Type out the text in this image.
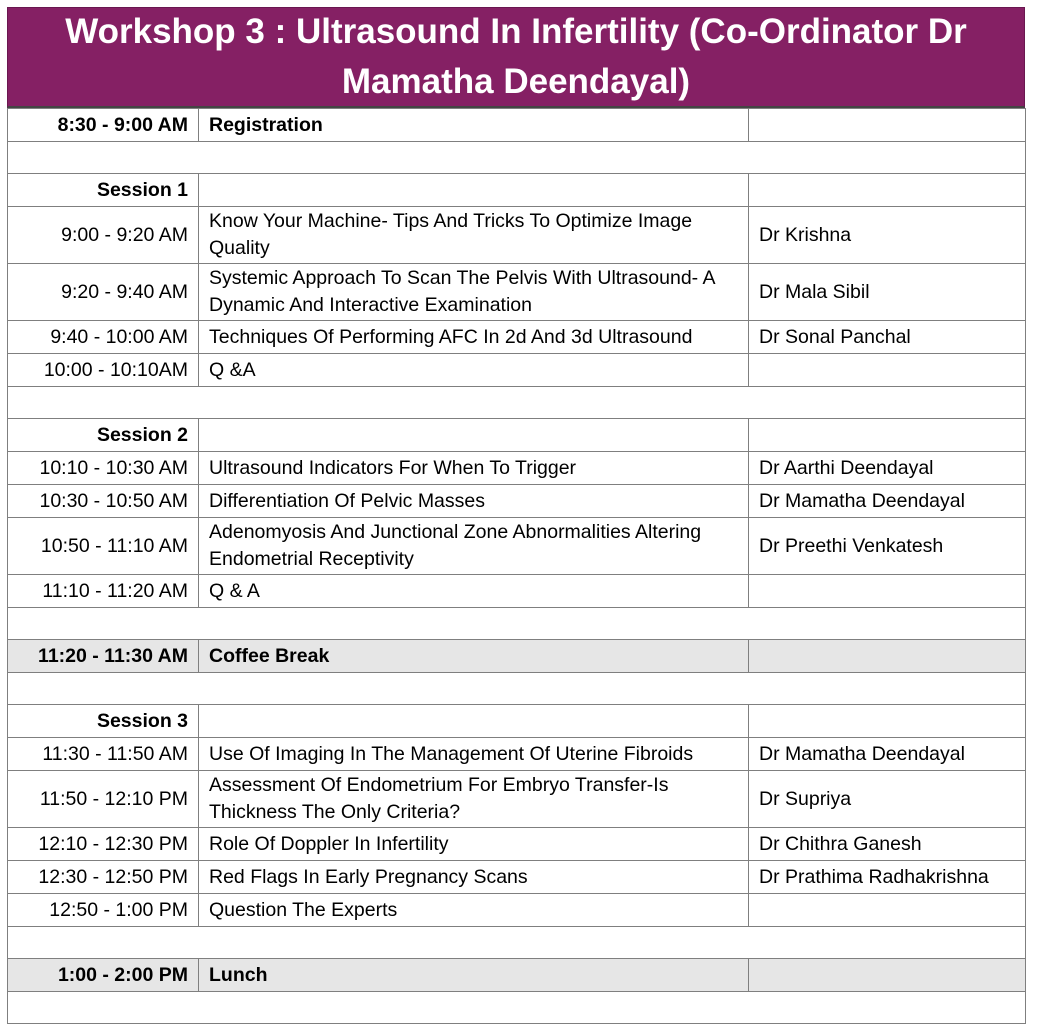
Workshop 3 : Ultrasound In Infertility (Co-Ordinator Dr Mamatha Deendayal)
8:30 - 9:00 AM	Registration	

Session 1		
9:00 - 9:20 AM	Know Your Machine- Tips And Tricks To Optimize Image Quality	Dr Krishna
9:20 - 9:40 AM	Systemic Approach To Scan The Pelvis With Ultrasound- A Dynamic And Interactive Examination	Dr Mala Sibil
9:40 - 10:00 AM	Techniques Of Performing AFC In 2d And 3d Ultrasound	Dr Sonal Panchal
10:00 - 10:10AM	Q &A	

Session 2		
10:10 - 10:30 AM	Ultrasound Indicators For When To Trigger	Dr Aarthi Deendayal
10:30 - 10:50 AM	Differentiation Of Pelvic Masses	Dr Mamatha Deendayal
10:50 - 11:10 AM	Adenomyosis And Junctional Zone Abnormalities Altering Endometrial Receptivity	Dr Preethi Venkatesh
11:10 - 11:20 AM	Q & A	

11:20 - 11:30 AM	Coffee Break	

Session 3		
11:30 - 11:50 AM	Use Of Imaging In The Management Of Uterine Fibroids	Dr Mamatha Deendayal
11:50 - 12:10 PM	Assessment Of Endometrium For Embryo Transfer-Is Thickness The Only Criteria?	Dr Supriya
12:10 - 12:30 PM	Role Of Doppler In Infertility	Dr Chithra Ganesh
12:30 - 12:50 PM	Red Flags In Early Pregnancy Scans	Dr Prathima Radhakrishna
12:50 - 1:00 PM	Question The Experts	

1:00 - 2:00 PM	Lunch	
